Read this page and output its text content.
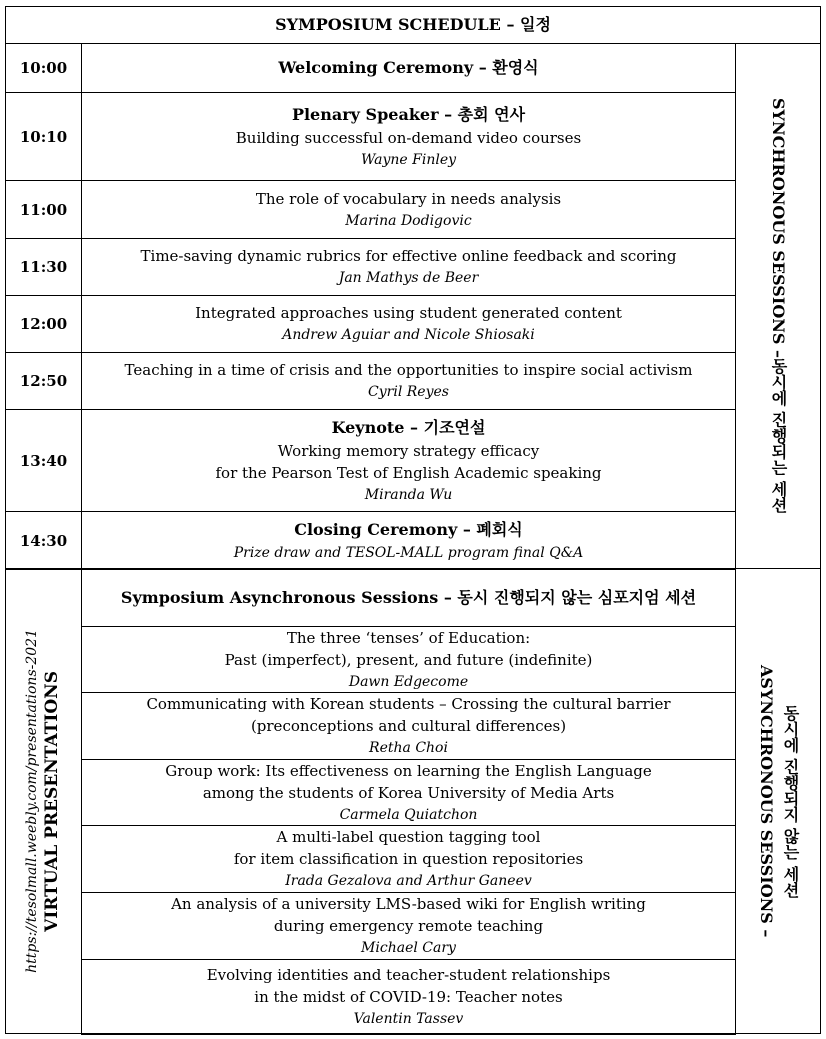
SYMPOSIUM SCHEDULE – 일정
10:00	Welcoming Ceremony – 환영식
10:10
Plenary Speaker – 총회 연사
Building successful on-demand video courses
Wayne Finley
11:00
The role of vocabulary in needs analysis
Marina Dodigovic
11:30
Time-saving dynamic rubrics for effective online feedback and scoring
Jan Mathys de Beer
12:00
Integrated approaches using student generated content
Andrew Aguiar and Nicole Shiosaki
12:50
Teaching in a time of crisis and the opportunities to inspire social activism
Cyril Reyes
13:40
Keynote – 기조연설
Working memory strategy efficacy
for the Pearson Test of English Academic speaking
Miranda Wu
14:30
Closing Ceremony – 폐회식
Prize draw and TESOL-MALL program final Q&A
SYNCHRONOUS SESSIONS –동시에 진행되는 세션
https://tesolmall.weebly.com/presentations-2021 VIRTUAL PRESENTATIONS
Symposium Asynchronous Sessions – 동시 진행되지 않는 심포지엄 세션
The three ‘tenses’ of Education:
Past (imperfect), present, and future (indefinite)
Dawn Edgecome
Communicating with Korean students – Crossing the cultural barrier
(preconceptions and cultural differences)
Retha Choi
Group work: Its effectiveness on learning the English Language
among the students of Korea University of Media Arts
Carmela Quiatchon
A multi-label question tagging tool
for item classification in question repositories
Irada Gezalova and Arthur Ganeev
An analysis of a university LMS-based wiki for English writing
during emergency remote teaching
Michael Cary
Evolving identities and teacher-student relationships
in the midst of COVID-19: Teacher notes
Valentin Tassev
ASYNCHRONOUS SESSIONS – 동시에 진행되지 않는 세션
